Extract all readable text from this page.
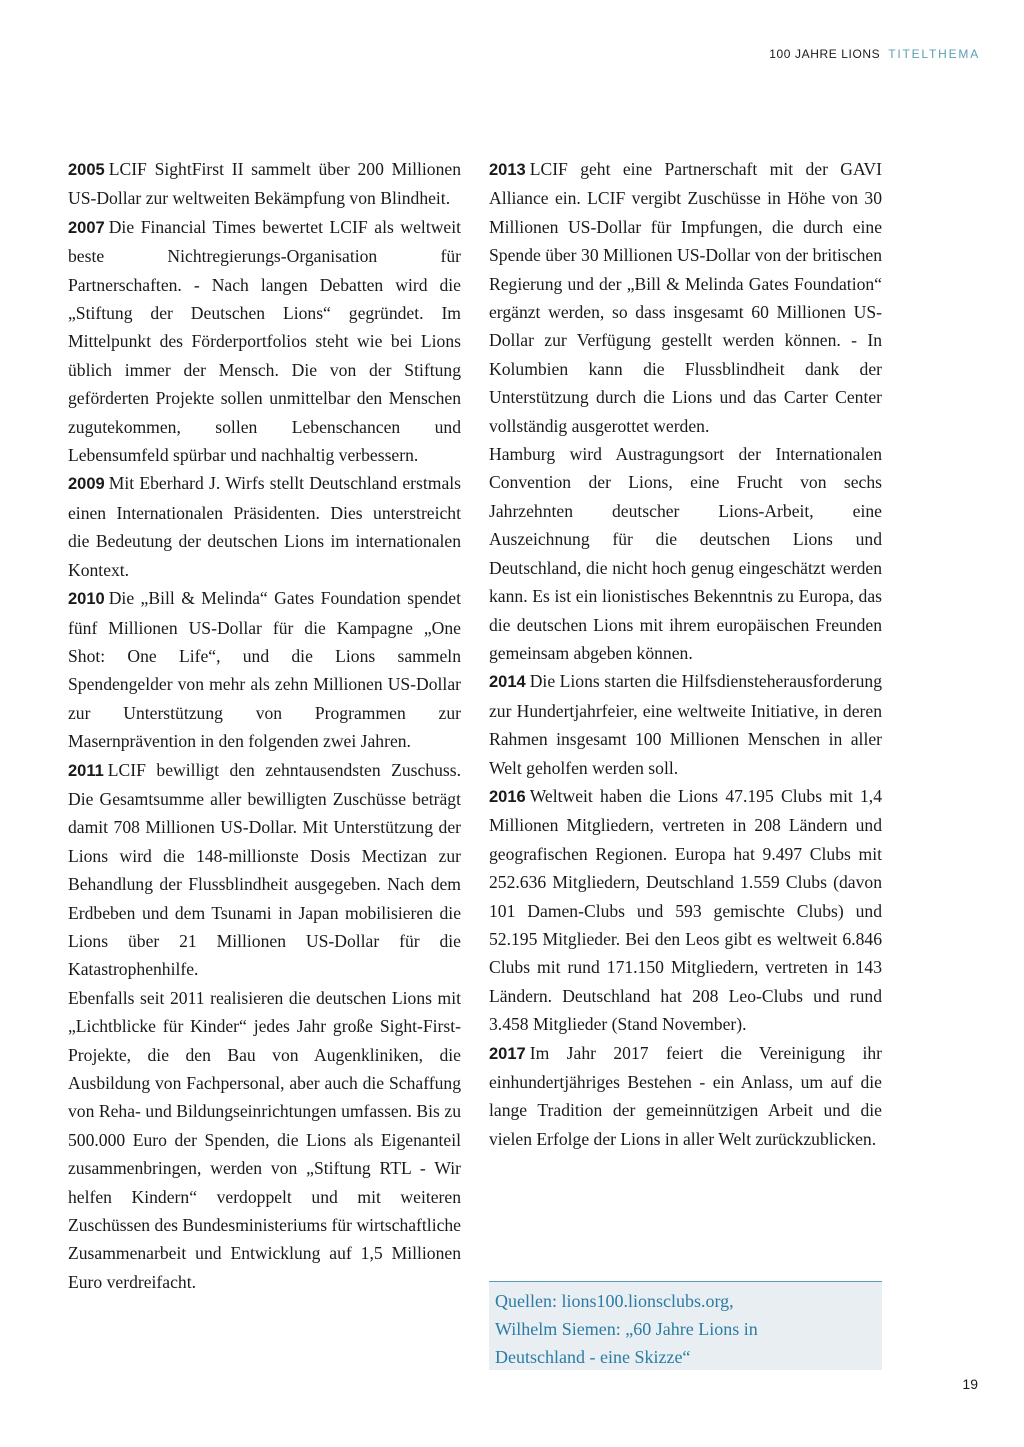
100 JAHRE LIONS TITELTHEMA

2005 LCIF SightFirst II sammelt über 200 Millionen US-Dollar zur weltweiten Bekämpfung von Blindheit.

2007 Die Financial Times bewertet LCIF als weltweit beste Nichtregierungs-Organisation für Partnerschaften. - Nach langen Debatten wird die „Stiftung der Deutschen Lions“ gegründet. Im Mittelpunkt des Förderportfolios steht wie bei Lions üblich immer der Mensch. Die von der Stiftung geförderten Projekte sollen unmittelbar den Menschen zugutekommen, sollen Lebenschancen und Lebensumfeld spürbar und nachhaltig verbessern.

2009 Mit Eberhard J. Wirfs stellt Deutschland erstmals einen Internationalen Präsidenten. Dies unterstreicht die Bedeutung der deutschen Lions im internationalen Kontext.

2010 Die „Bill & Melinda“ Gates Foundation spendet fünf Millionen US-Dollar für die Kampagne „One Shot: One Life“, und die Lions sammeln Spendengelder von mehr als zehn Millionen US-Dollar zur Unterstützung von Programmen zur Masernprävention in den folgenden zwei Jahren.

2011 LCIF bewilligt den zehntausendsten Zuschuss. Die Gesamtsumme aller bewilligten Zuschüsse beträgt damit 708 Millionen US-Dollar. Mit Unterstützung der Lions wird die 148-millionste Dosis Mectizan zur Behandlung der Flussblindheit ausgegeben. Nach dem Erdbeben und dem Tsunami in Japan mobilisieren die Lions über 21 Millionen US-Dollar für die Katastrophenhilfe.

Ebenfalls seit 2011 realisieren die deutschen Lions mit „Lichtblicke für Kinder“ jedes Jahr große Sight-First-Projekte, die den Bau von Augenkliniken, die Ausbildung von Fachpersonal, aber auch die Schaffung von Reha- und Bildungseinrichtungen umfassen. Bis zu 500.000 Euro der Spenden, die Lions als Eigenanteil zusammenbringen, werden von „Stiftung RTL - Wir helfen Kindern“ verdoppelt und mit weiteren Zuschüssen des Bundesministeriums für wirtschaftliche Zusammenarbeit und Entwicklung auf 1,5 Millionen Euro verdreifacht.

2013 LCIF geht eine Partnerschaft mit der GAVI Alliance ein. LCIF vergibt Zuschüsse in Höhe von 30 Millionen US-Dollar für Impfungen, die durch eine Spende über 30 Millionen US-Dollar von der britischen Regierung und der „Bill & Melinda Gates Foundation“ ergänzt werden, so dass insgesamt 60 Millionen US-Dollar zur Verfügung gestellt werden können. - In Kolumbien kann die Flussblindheit dank der Unterstützung durch die Lions und das Carter Center vollständig ausgerottet werden.

Hamburg wird Austragungsort der Internationalen Convention der Lions, eine Frucht von sechs Jahrzehnten deutscher Lions-Arbeit, eine Auszeichnung für die deutschen Lions und Deutschland, die nicht hoch genug eingeschätzt werden kann. Es ist ein lionistisches Bekenntnis zu Europa, das die deutschen Lions mit ihrem europäischen Freunden gemeinsam abgeben können.

2014 Die Lions starten die Hilfsdiensteherausforderung zur Hundertjahrfeier, eine weltweite Initiative, in deren Rahmen insgesamt 100 Millionen Menschen in aller Welt geholfen werden soll.

2016 Weltweit haben die Lions 47.195 Clubs mit 1,4 Millionen Mitgliedern, vertreten in 208 Ländern und geografischen Regionen. Europa hat 9.497 Clubs mit 252.636 Mitgliedern, Deutschland 1.559 Clubs (davon 101 Damen-Clubs und 593 gemischte Clubs) und 52.195 Mitglieder. Bei den Leos gibt es weltweit 6.846 Clubs mit rund 171.150 Mitgliedern, vertreten in 143 Ländern. Deutschland hat 208 Leo-Clubs und rund 3.458 Mitglieder (Stand November).

2017 Im Jahr 2017 feiert die Vereinigung ihr einhundertjähriges Bestehen - ein Anlass, um auf die lange Tradition der gemeinnützigen Arbeit und die vielen Erfolge der Lions in aller Welt zurückzublicken.

Quellen: lions100.lionsclubs.org,
Wilhelm Siemen: „60 Jahre Lions in
Deutschland - eine Skizze“
19
